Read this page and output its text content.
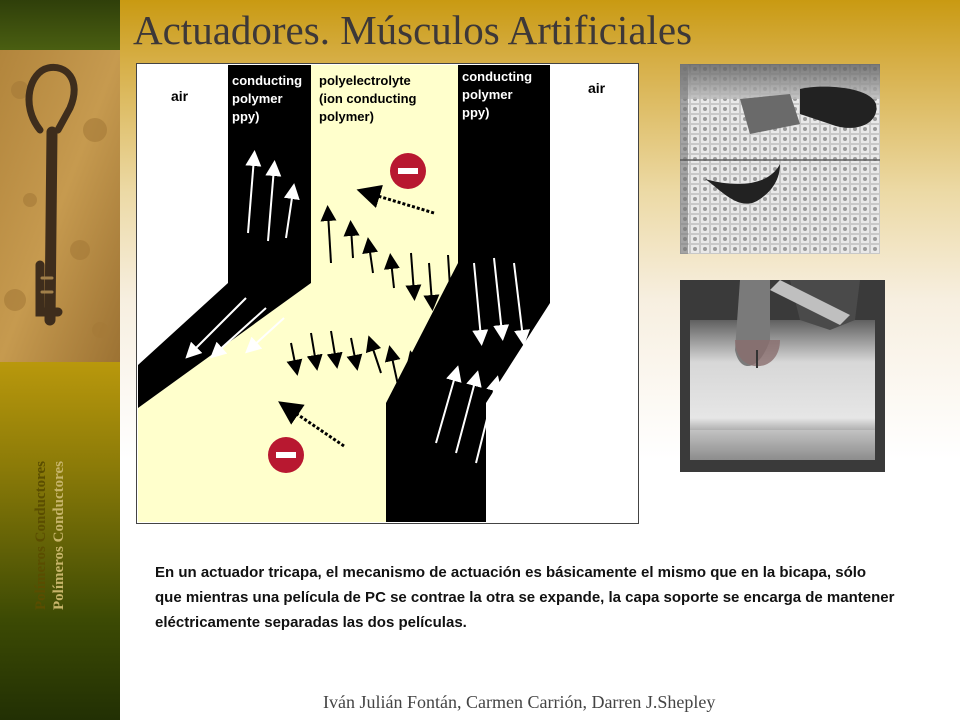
Polímeros Conductores Polímeros Conductores
Actuadores. Músculos Artificiales
air	air
conducting
polymer
ppy)
conducting
polymer
ppy)
polyelectrolyte
(ion conducting
polymer)
En un actuador tricapa, el mecanismo de actuación es básicamente el mismo que en la bicapa, sólo que mientras una película de PC se contrae la otra se expande, la capa soporte se encarga de mantener eléctricamente separadas las dos películas.
Iván Julián Fontán, Carmen Carrión, Darren J.Shepley
